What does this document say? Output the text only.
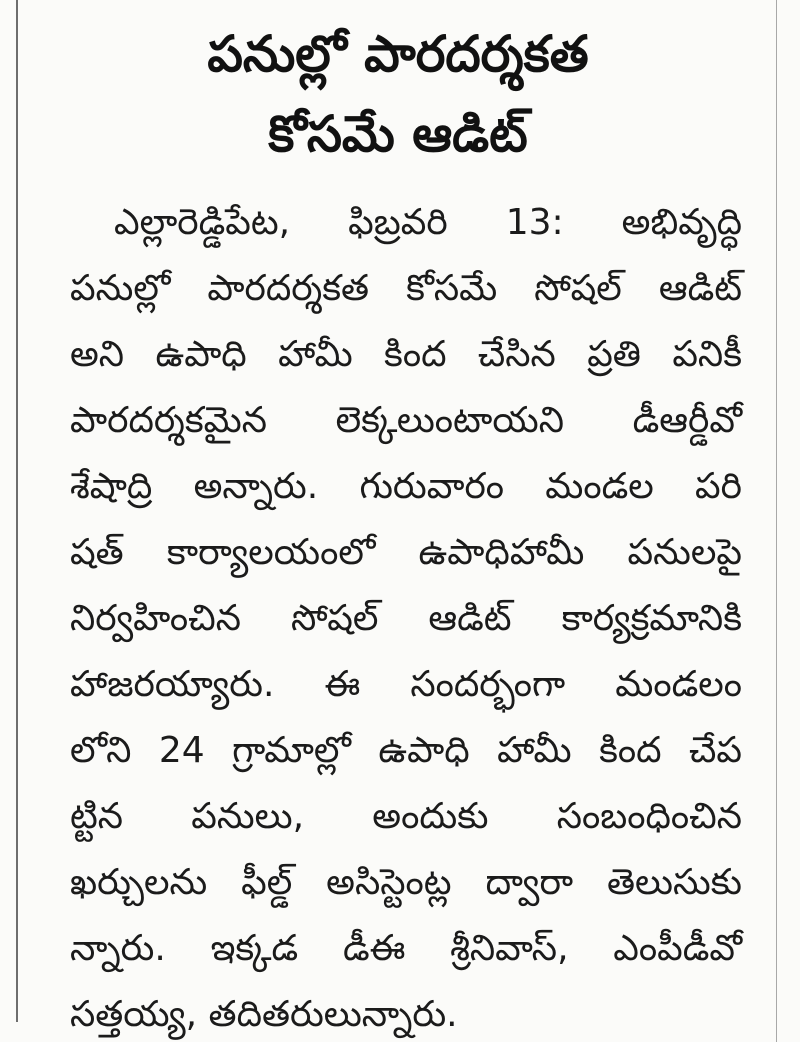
పనుల్లో పారదర్శకత
కోసమే ఆడిట్
ఎల్లారెడ్డిపేట, ఫిబ్రవరి 13: అభివృద్ధి
పనుల్లో పారదర్శకత కోసమే సోషల్ ఆడిట్
అని ఉపాధి హామీ కింద చేసిన ప్రతి పనికీ
పారదర్శకమైన లెక్కలుంటాయని డీఆర్డీవో
శేషాద్రి అన్నారు. గురువారం మండల పరి
షత్ కార్యాలయంలో ఉపాధిహామీ పనులపై
నిర్వహించిన సోషల్ ఆడిట్ కార్యక్రమానికి
హాజరయ్యారు. ఈ సందర్భంగా మండలం
లోని 24 గ్రామాల్లో ఉపాధి హామీ కింద చేప
ట్టిన పనులు, అందుకు సంబంధించిన
ఖర్చులను ఫీల్డ్ అసిస్టెంట్ల ద్వారా తెలుసుకు
న్నారు. ఇక్కడ డీఈ శ్రీనివాస్, ఎంపీడీవో
సత్తయ్య, తదితరులున్నారు.
